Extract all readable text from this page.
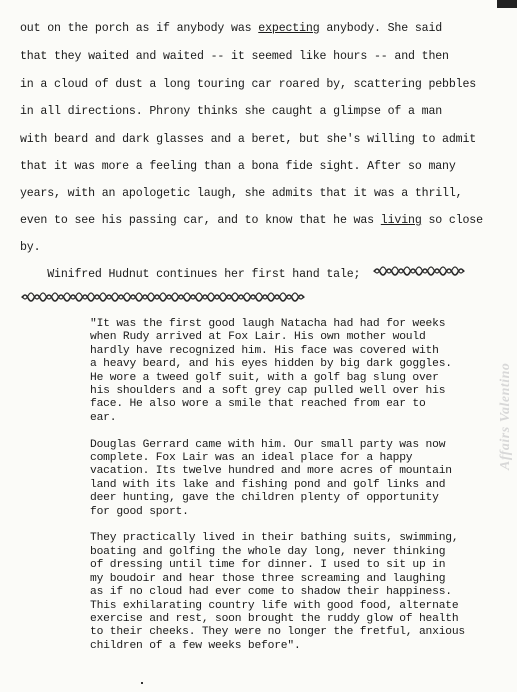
out on the porch as if anybody was expecting anybody. She said
that they waited and waited -- it seemed like hours -- and then
in a cloud of dust a long touring car roared by, scattering pebbles
in all directions. Phrony thinks she caught a glimpse of a man
with beard and dark glasses and a beret, but she's willing to admit
that it was more a feeling than a bona fide sight. After so many
years, with an apologetic laugh, she admits that it was a thrill,
even to see his passing car, and to know that he was living so close
by.
Winifred Hudnut continues her first hand tale;
"It was the first good laugh Natacha had had for weeks
when Rudy arrived at Fox Lair. His own mother would
hardly have recognized him. His face was covered with
a heavy beard, and his eyes hidden by big dark goggles.
He wore a tweed golf suit, with a golf bag slung over
his shoulders and a soft grey cap pulled well over his
face. He also wore a smile that reached from ear to
ear.
Douglas Gerrard came with him. Our small party was now
complete. Fox Lair was an ideal place for a happy
vacation. Its twelve hundred and more acres of mountain
land with its lake and fishing pond and golf links and
deer hunting, gave the children plenty of opportunity
for good sport.
They practically lived in their bathing suits, swimming,
boating and golfing the whole day long, never thinking
of dressing until time for dinner. I used to sit up in
my boudoir and hear those three screaming and laughing
as if no cloud had ever come to shadow their happiness.
This exhilarating country life with good food, alternate
exercise and rest, soon brought the ruddy glow of health
to their cheeks. They were no longer the fretful, anxious
children of a few weeks before".
Affairs Valentino
